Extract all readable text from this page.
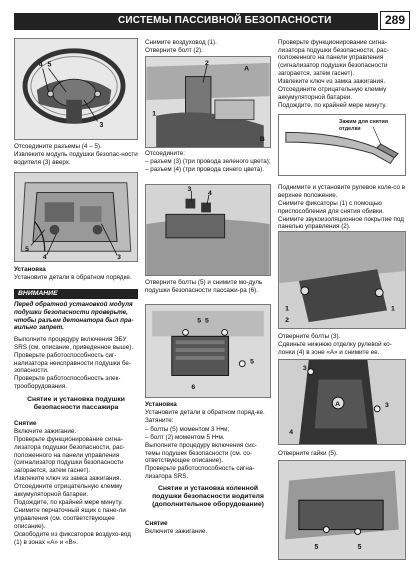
СИСТЕМЫ ПАССИВНОЙ БЕЗОПАСНОСТИ	289
4 5
3

Отсоедините разъемы (4 – 5).

Извлеките модуль подушки безопас-ности водителя (3) вверх.

5
4	3

Установка

Установите детали в обратном порядке.

ВНИМАНИЕ
Перед обратной установкой модуля подушки безопасности проверьте, чтобы разъем детонатора был пра-вильно запрет.

Выполните процедуру включения ЭБУ SRS (см. описание, приведенное выше).

Проверьте работоспособность сиг-нализатора неисправности подушки бе-зопасности.

Проверьте работоспособность элек-трооборудования.

Снятие и установка подушки безопасности пассажира

Снятие

Включите зажигание.

Проверьте функционирование сигна-лизатора подушки безопасности, рас-положенного на панели управления (сигнализатор подушки безопасности загорается, затем гаснет).

Извлеките ключ из замка зажигания.

Отсоедините отрицательную клемму аккумуляторной батареи.

Подождите, по крайней мере минуту.

Снимите перчаточный ящик с пане-ли управления (см. соответствующее описание).

Освободите из фиксаторов воздухо-вод (1) в зонах «А» и «В».

Снимите воздуховод (1).

Отверните болт (2).

2
A
1
B

Отсоедините:

– разъем (3) (три провода зеленого цвета);

– разъем (4) (три провода синего цвета).

3
4

Отверните болты (5) и снимите мо-дуль подушки безопасности пассажи-ра (6).

5 5
6
5

Установка

Установите детали в обратном поряд-ке.

Затяните:

– болты (5) моментом 3 Н•м;

– болт (2) моментом 5 Н•м.

Выполните процедуру включения сис-темы подушек безопасности (см. со-ответствующее описание).

Проверьте работоспособность сигна-лизатора SRS.

Снятие и установка коленной подушки безопасности водителя (дополнительное оборудование)

Снятие

Включите зажигание.

Проверьте функционирование сигна-лизатора подушки безопасности, рас-положенного на панели управления (сигнализатор подушки безопасности загорается, затем гаснет).

Извлеките ключ из замка зажигания.

Отсоедините отрицательную клемму аккумуляторной батареи.

Подождите, по крайней мере минуту.

Зажим для снятия отделки

Поднимите и установите рулевое коле-со в верхнее положение.

Снимите фиксаторы (1) с помощью приспособления для снятия обивки.

Снимите звукоизоляционное покрытие под панелью управления (2).

1
2
1

Отверните болты (3).

Сдвиньте нижнюю отделку рулевой ко-лонки (4) в зоне «А» и снимите ее.

3
A
4
3

Отверните гайки (5).

5	5
